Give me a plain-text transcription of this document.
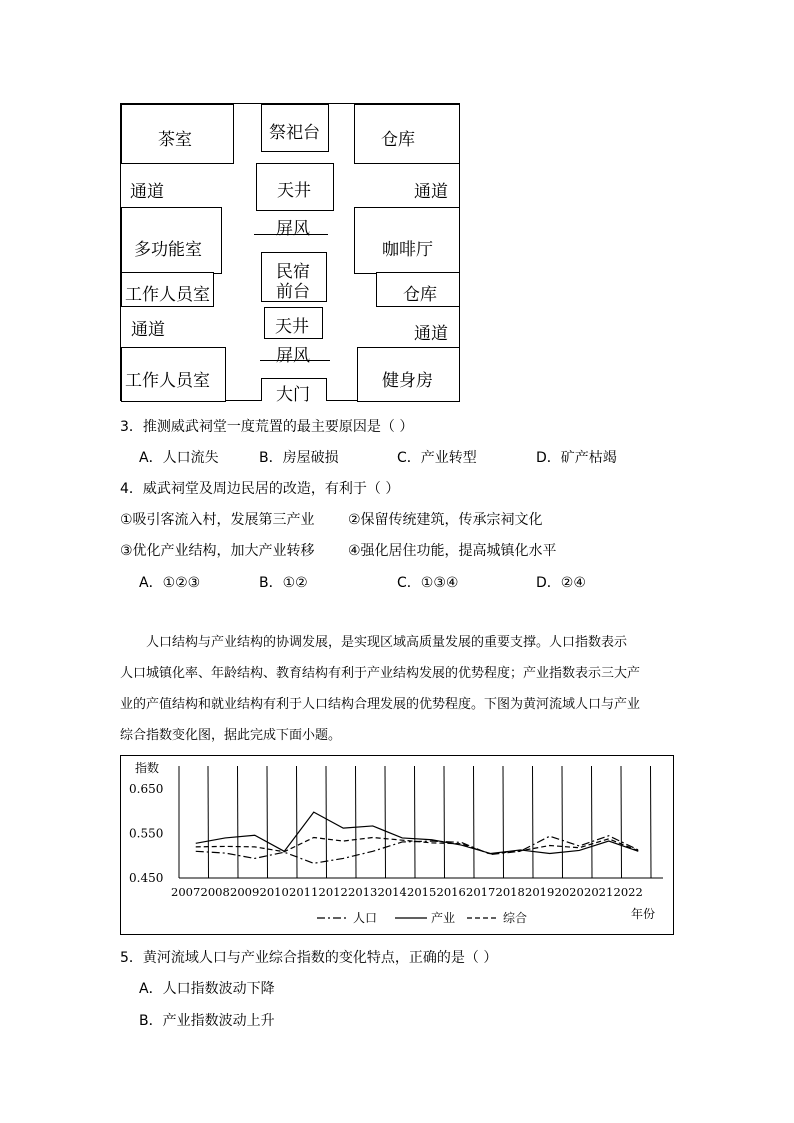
茶室	祭祀台	仓库
通道	天井	通道
屏风
多功能室	咖啡厅
民宿
前台
工作人员室	仓库
通道	天井	通道
屏风
工作人员室	健身房
大门
3．推测威武祠堂一度荒置的最主要原因是（ ）
A．人口流失	B．房屋破损	C．产业转型	D．矿产枯竭
4．威武祠堂及周边民居的改造，有利于（ ）
①吸引客流入村，发展第三产业 ②保留传统建筑，传承宗祠文化
③优化产业结构，加大产业转移 ④强化居住功能，提高城镇化水平
A．①②③	B．①②	C．①③④	D．②④
人口结构与产业结构的协调发展，是实现区域高质量发展的重要支撑。人口指数表示
人口城镇化率、年龄结构、教育结构有利于产业结构发展的优势程度；产业指数表示三大产
业的产值结构和就业结构有利于人口结构合理发展的优势程度。下图为黄河流域人口与产业
综合指数变化图，据此完成下面小题。
指数
0.650
0.550
0.450
2007 2008 2009 2010 2011 2012 2013 2014 2015 2016 2017 2018 2019 2020 2021 2022
年份
人口	产业	综合
5．黄河流域人口与产业综合指数的变化特点，正确的是（ ）
A．人口指数波动下降
B．产业指数波动上升
